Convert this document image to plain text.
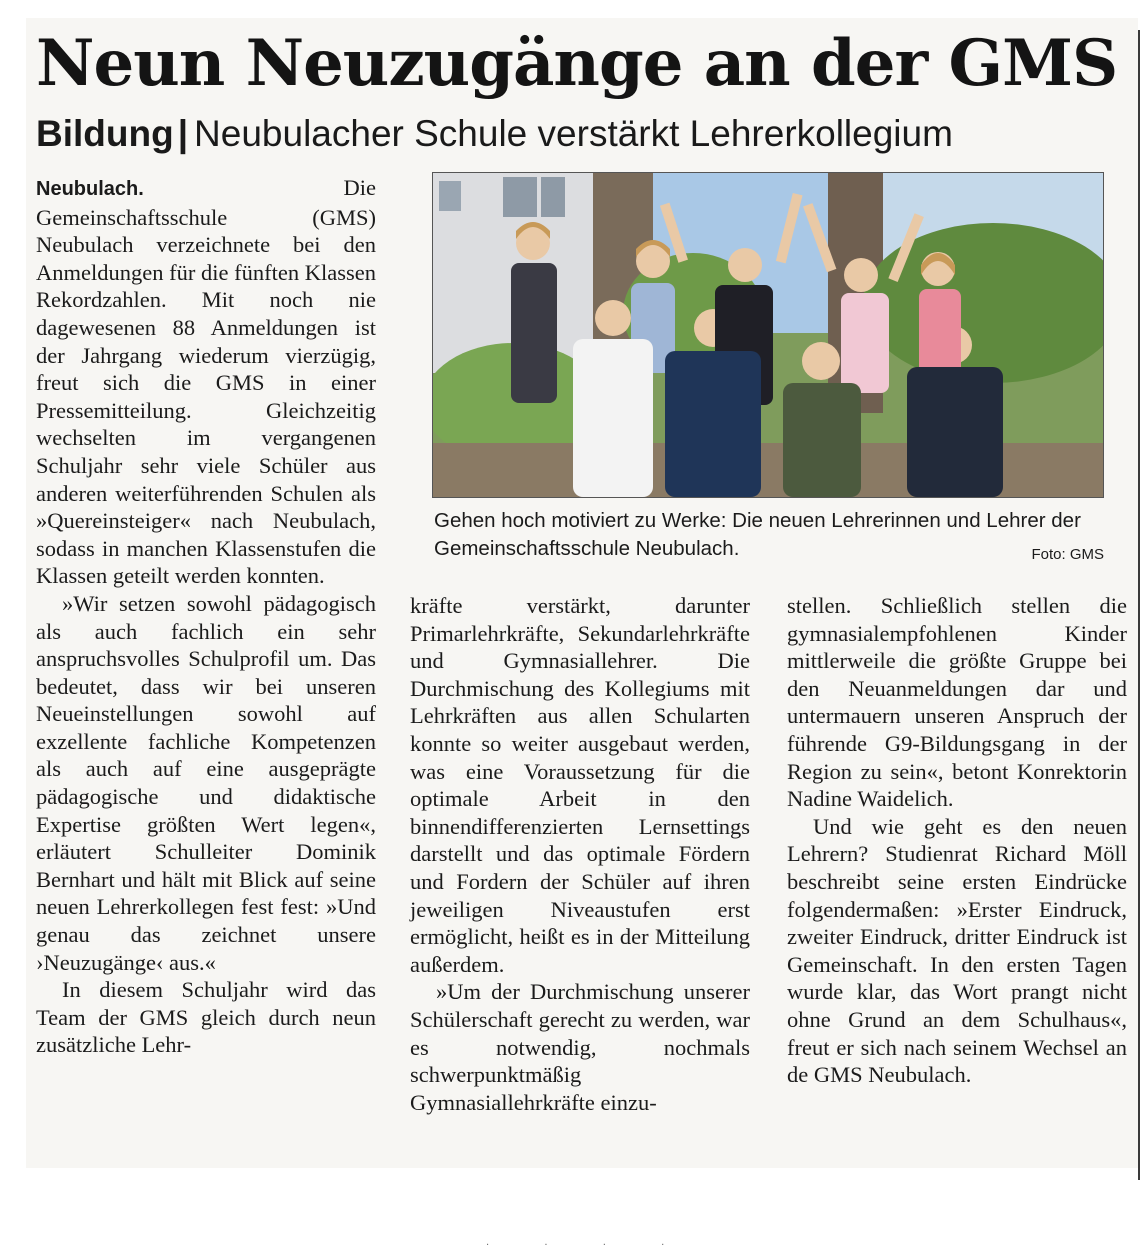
Neun Neuzugänge an der GMS
Bildung | Neubulacher Schule verstärkt Lehrerkollegium

Neubulach.	Die Gemeinschaftsschule (GMS) Neubulach verzeichnete bei den Anmeldungen für die fünften Klassen Rekordzahlen. Mit noch nie dagewesenen 88 Anmeldungen ist der Jahrgang wiederum vierzügig, freut sich die GMS in einer Pressemitteilung. Gleichzeitig wechselten im vergangenen Schuljahr sehr viele Schüler aus anderen weiterführenden Schulen als »Quereinsteiger« nach Neubulach, sodass in manchen Klassenstufen die Klassen geteilt werden konnten.

»Wir setzen sowohl pädagogisch als auch fachlich ein sehr anspruchsvolles Schulprofil um. Das bedeutet, dass wir bei unseren Neueinstellungen sowohl auf exzellente fachliche Kompetenzen als auch auf eine ausgeprägte pädagogische und didaktische Expertise größten Wert legen«, erläutert Schulleiter Dominik Bernhart und hält mit Blick auf seine neuen Lehrerkollegen fest fest: »Und genau das zeichnet unsere ›Neuzugänge‹ aus.«

In diesem Schuljahr wird das Team der GMS gleich durch neun zusätzliche Lehr-

Gehen hoch motiviert zu Werke: Die neuen Lehrerinnen und Lehrer der Gemeinschaftsschule Neubulach.	Foto: GMS

kräfte verstärkt, darunter Primarlehrkräfte, Sekundarlehrkräfte und Gymnasiallehrer. Die Durchmischung des Kollegiums mit Lehrkräften aus allen Schularten konnte so weiter ausgebaut werden, was eine Voraussetzung für die optimale Arbeit in den binnendifferenzierten Lernsettings darstellt und das optimale Fördern und Fordern der Schüler auf ihren jeweiligen Niveaustufen erst ermöglicht, heißt es in der Mitteilung außerdem.

»Um der Durchmischung unserer Schülerschaft gerecht zu werden, war es notwendig, nochmals schwerpunktmäßig Gymnasiallehrkräfte einzu-

stellen. Schließlich stellen die gymnasialempfohlenen Kinder mittlerweile die größte Gruppe bei den Neuanmeldungen dar und untermauern unseren Anspruch der führende G9-Bildungsgang in der Region zu sein«, betont Konrektorin Nadine Waidelich.

Und wie geht es den neuen Lehrern? Studienrat Richard Möll beschreibt seine ersten Eindrücke folgendermaßen: »Erster Eindruck, zweiter Eindruck, dritter Eindruck ist Gemeinschaft. In den ersten Tagen wurde klar, das Wort prangt nicht ohne Grund an dem Schulhaus«, freut er sich nach seinem Wechsel an de GMS Neubulach.

· · · ·
